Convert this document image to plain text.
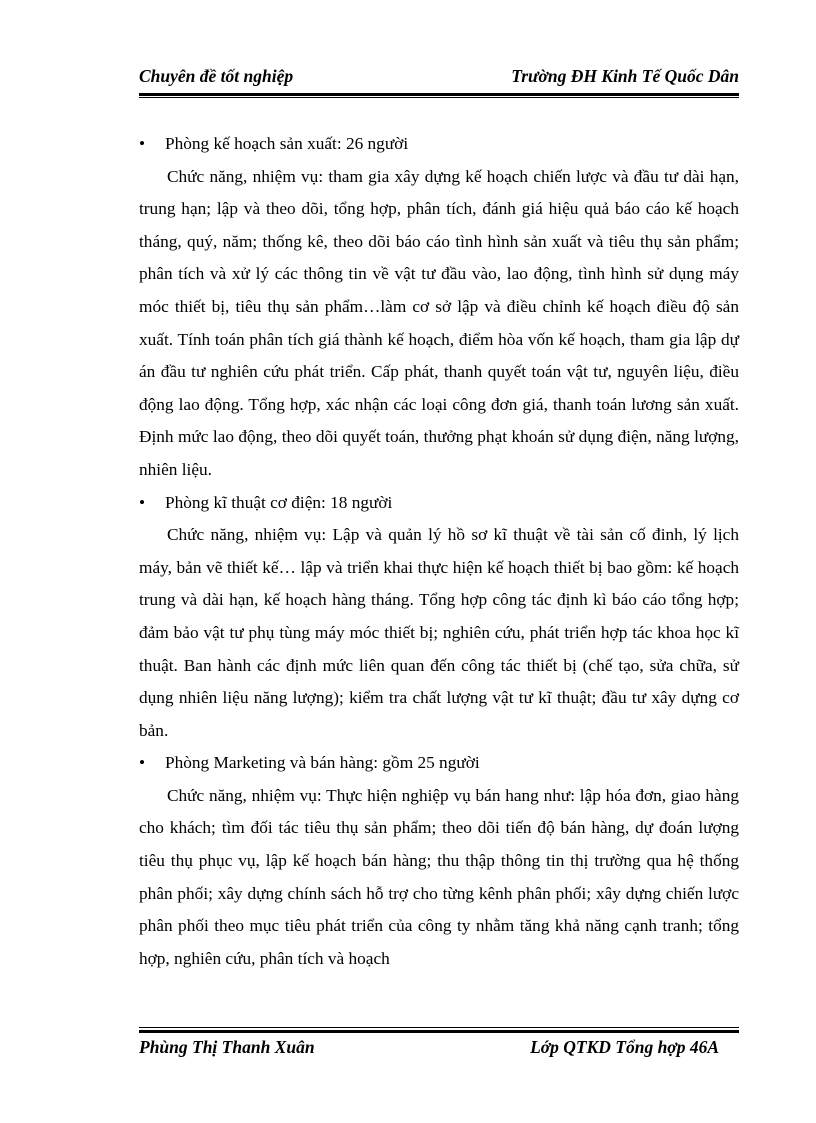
Chuyên đề tốt nghiệp	Trường ĐH Kinh Tế Quốc Dân
• Phòng kế hoạch sản xuất: 26 người

Chức năng, nhiệm vụ: tham gia xây dựng kế hoạch chiến lược và đầu tư dài hạn, trung hạn; lập và theo dõi, tổng hợp, phân tích, đánh giá hiệu quả báo cáo kế hoạch tháng, quý, năm; thống kê, theo dõi báo cáo tình hình sản xuất và tiêu thụ sản phẩm; phân tích và xử lý các thông tin về vật tư đầu vào, lao động, tình hình sử dụng máy móc thiết bị, tiêu thụ sản phẩm…làm cơ sở lập và điều chỉnh kế hoạch điều độ sản xuất. Tính toán phân tích giá thành kế hoạch, điểm hòa vốn kế hoạch, tham gia lập dự án đầu tư nghiên cứu phát triển. Cấp phát, thanh quyết toán vật tư, nguyên liệu, điều động lao động. Tổng hợp, xác nhận các loại công đơn giá, thanh toán lương sản xuất. Định mức lao động, theo dõi quyết toán, thưởng phạt khoán sử dụng điện, năng lượng, nhiên liệu.

• Phòng kĩ thuật cơ điện: 18 người

Chức năng, nhiệm vụ: Lập và quản lý hồ sơ kĩ thuật về tài sản cố đinh, lý lịch máy, bản vẽ thiết kế… lập và triển khai thực hiện kế hoạch thiết bị bao gồm: kế hoạch trung và dài hạn, kế hoạch hàng tháng. Tổng hợp công tác định kì báo cáo tổng hợp; đảm bảo vật tư phụ tùng máy móc thiết bị; nghiên cứu, phát triển hợp tác khoa học kĩ thuật. Ban hành các định mức liên quan đến công tác thiết bị (chế tạo, sửa chữa, sử dụng nhiên liệu năng lượng); kiểm tra chất lượng vật tư kĩ thuật; đầu tư xây dựng cơ bản.

• Phòng Marketing và bán hàng: gồm 25 người

Chức năng, nhiệm vụ: Thực hiện nghiệp vụ bán hang như: lập hóa đơn, giao hàng cho khách; tìm đối tác tiêu thụ sản phẩm; theo dõi tiến độ bán hàng, dự đoán lượng tiêu thụ phục vụ, lập kế hoạch bán hàng; thu thập thông tin thị trường qua hệ thống phân phối; xây dựng chính sách hỗ trợ cho từng kênh phân phối; xây dựng chiến lược phân phối theo mục tiêu phát triển của công ty nhằm tăng khả năng cạnh tranh; tổng hợp, nghiên cứu, phân tích và hoạch

Phùng Thị Thanh Xuân	Lớp QTKD Tổng hợp 46A
